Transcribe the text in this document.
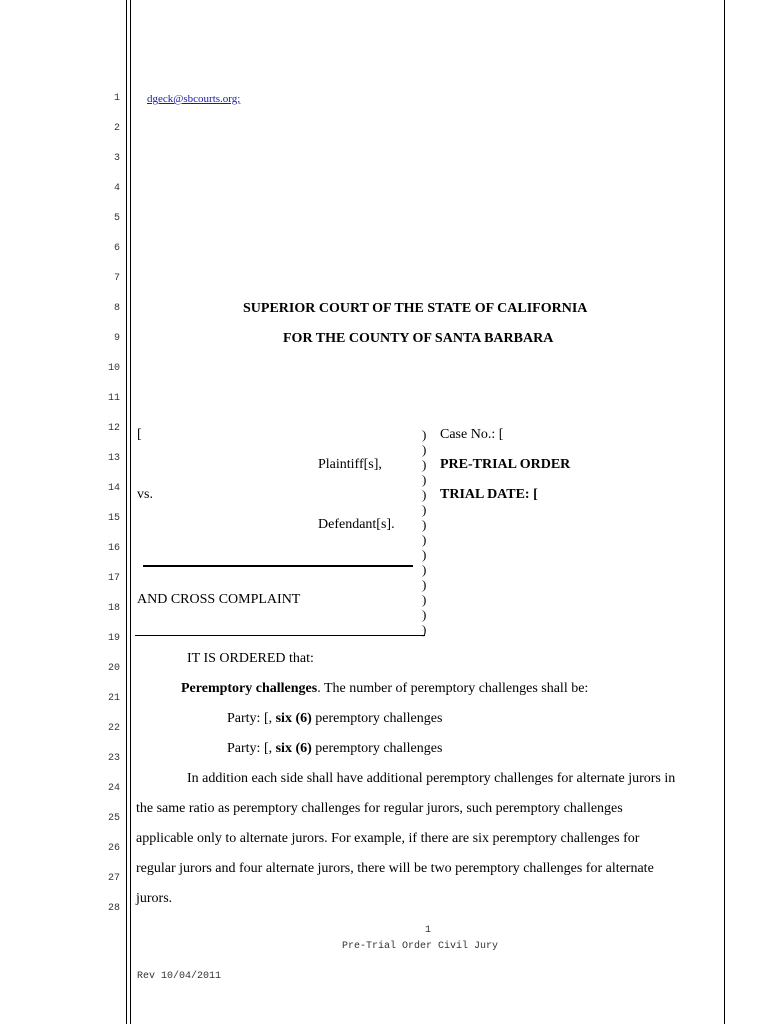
1
2
3
4
5
6
7
8
9
10
11
12
13
14
15
16
17
18
19
20
21
22
23
24
25
26
27
28
dgeck@sbcourts.org;
SUPERIOR COURT OF THE STATE OF CALIFORNIA
FOR THE COUNTY OF SANTA BARBARA
[
Plaintiff[s],
vs.
Defendant[s].
AND CROSS COMPLAINT
)
)
)
)
)
)
)
)
)
)
)
)
)
)
Case No.: [
PRE-TRIAL ORDER
TRIAL DATE: [
IT IS ORDERED that:
Peremptory challenges. The number of peremptory challenges shall be:
Party: [, six (6) peremptory challenges
Party: [, six (6) peremptory challenges
In addition each side shall have additional peremptory challenges for alternate jurors in
the same ratio as peremptory challenges for regular jurors, such peremptory challenges
applicable only to alternate jurors. For example, if there are six peremptory challenges for
regular jurors and four alternate jurors, there will be two peremptory challenges for alternate
jurors.
1
Pre-Trial Order Civil Jury
Rev 10/04/2011
